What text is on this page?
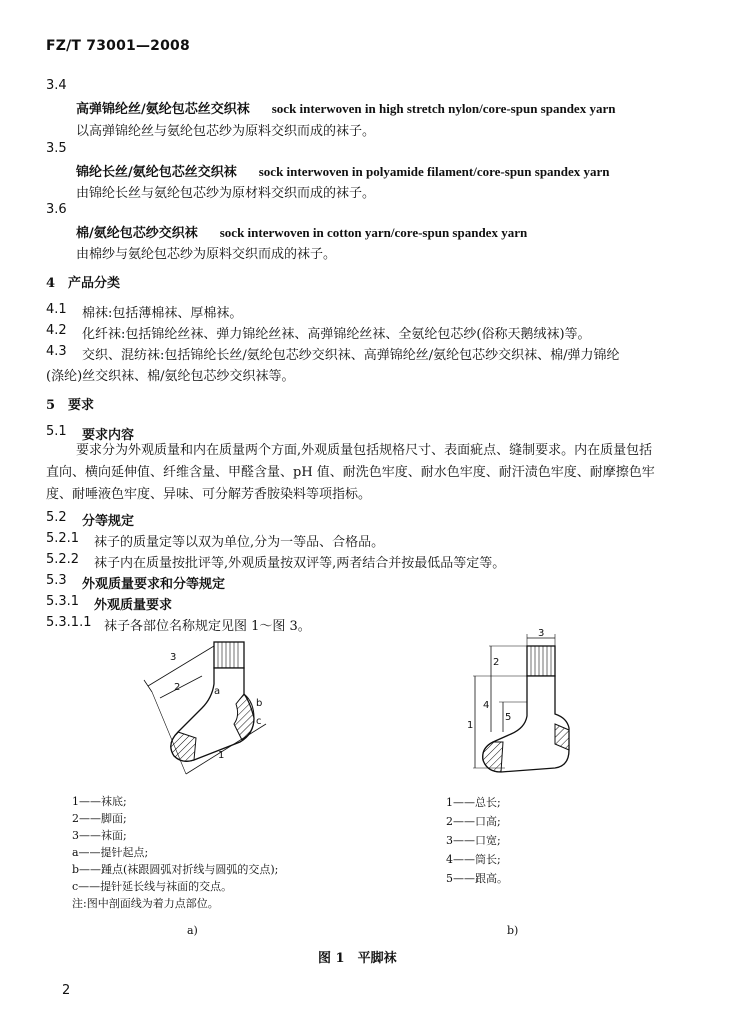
FZ/T 73001—2008
3.4
高弹锦纶丝/氨纶包芯丝交织袜 sock interwoven in high stretch nylon/core-spun spandex yarn
以高弹锦纶丝与氨纶包芯纱为原料交织而成的袜子。
3.5
锦纶长丝/氨纶包芯丝交织袜 sock interwoven in polyamide filament/core-spun spandex yarn
由锦纶长丝与氨纶包芯纱为原材料交织而成的袜子。
3.6
棉/氨纶包芯纱交织袜 sock interwoven in cotton yarn/core-spun spandex yarn
由棉纱与氨纶包芯纱为原料交织而成的袜子。
4　产品分类
4.1 棉袜:包括薄棉袜、厚棉袜。
4.2 化纤袜:包括锦纶丝袜、弹力锦纶丝袜、高弹锦纶丝袜、全氨纶包芯纱(俗称天鹅绒袜)等。
4.3 交织、混纺袜:包括锦纶长丝/氨纶包芯纱交织袜、高弹锦纶丝/氨纶包芯纱交织袜、棉/弹力锦纶
(涤纶)丝交织袜、棉/氨纶包芯纱交织袜等。
5　要求
5.1 要求内容
要求分为外观质量和内在质量两个方面,外观质量包括规格尺寸、表面疵点、缝制要求。内在质量包括直向、横向延伸值、纤维含量、甲醛含量、pH 值、耐洗色牢度、耐水色牢度、耐汗渍色牢度、耐摩擦色牢度、耐唾液色牢度、异味、可分解芳香胺染料等项指标。
5.2 分等规定
5.2.1 袜子的质量定等以双为单位,分为一等品、合格品。
5.2.2 袜子内在质量按批评等,外观质量按双评等,两者结合并按最低品等定等。
5.3 外观质量要求和分等规定
5.3.1 外观质量要求
5.3.1.1 袜子各部位名称规定见图 1～图 3。
3
2
1
a
b
c
3
1
2
4
5
1——袜底;
2——脚面;
3——袜面;
a——提针起点;
b——踵点(袜跟圆弧对折线与圆弧的交点);
c——提针延长线与袜面的交点。
注:图中剖面线为着力点部位。
1——总长;
2——口高;
3——口宽;
4——筒长;
5——跟高。
a)	b)
图 1　平脚袜
2
